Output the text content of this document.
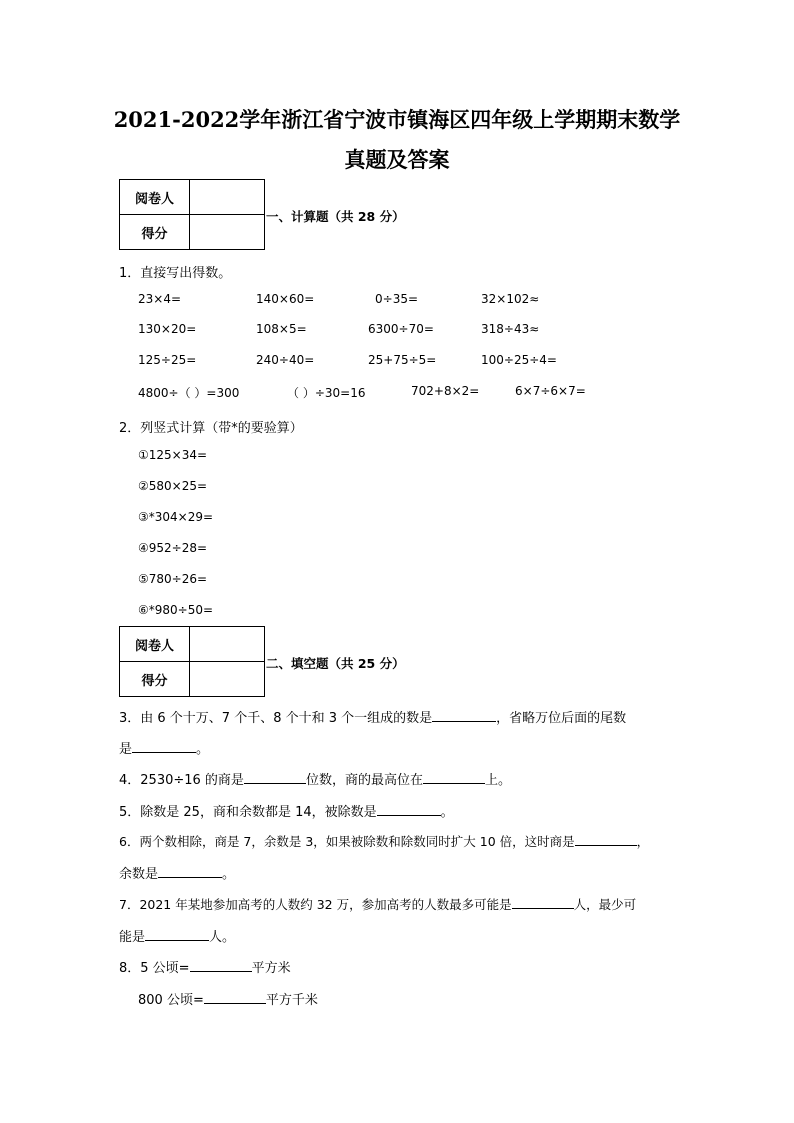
2021-2022学年浙江省宁波市镇海区四年级上学期期末数学
真题及答案
阅卷人	
得分	
一、计算题（共 28 分）
1．直接写出得数。
23×4=	140×60=	0÷35=	32×102≈
130×20=	108×5=	6300÷70=	318÷43≈
125÷25=	240÷40=	25+75÷5=	100÷25÷4=
4800÷（ ）=300	（ ）÷30=16	702+8×2=	6×7÷6×7=
2．列竖式计算（带*的要验算）
①125×34=
②580×25=
③*304×29=
④952÷28=
⑤780÷26=
⑥*980÷50=
阅卷人	
得分	
二、填空题（共 25 分）
3．由 6 个十万、7 个千、8 个十和 3 个一组成的数是	，省略万位后面的尾数
是	。
4．2530÷16 的商是	位数，商的最高位在	上。
5．除数是 25，商和余数都是 14，被除数是	。
6．两个数相除，商是 7，余数是 3，如果被除数和除数同时扩大 10 倍，这时商是	，
余数是	。
7．2021 年某地参加高考的人数约 32 万，参加高考的人数最多可能是	人，最少可
能是	人。
8．5 公顷=	平方米
800 公顷=	平方千米
